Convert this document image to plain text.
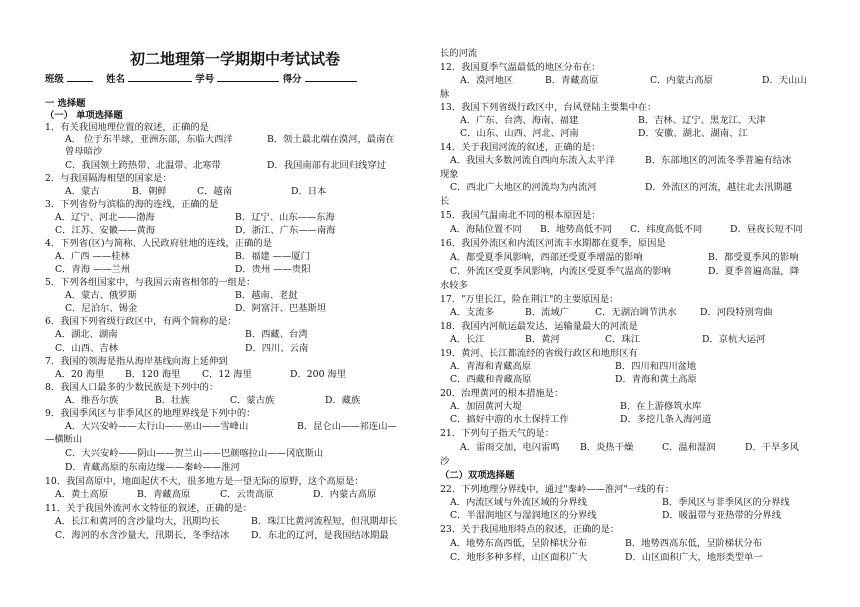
初二地理第一学期期中考试试卷
班级	姓名	学号	得分
一 选择题
（一） 单项选择题
1．有关我国地理位置的叙述，正确的是
A． 位于东半球，亚洲东部，东临大西洋	B．领土最北端在漠河，最南在
曾母暗沙
C．我国领土跨热带、北温带、北寒带	D．我国南部有北回归线穿过
2．与我国隔海相望的国家是：
A．蒙古	B．朝鲜	C．越南	D．日本
3．下列省份与滨临的海的连线，正确的是
A．辽宁、河北——渤海	B．辽宁、山东——东海
C．江苏、安徽——黄海	D．浙江、广东——南海
4．下列省(区)与简称、人民政府驻地的连线，正确的是
A．广西 ——桂林	B．福建 ——厦门
C．青海 ——兰州	D．贵州 ——贵阳
5．下列各组国家中，与我国云南省相邻的一组是：
A．蒙古、俄罗斯	B．越南、老挝
C．尼泊尔、锡金	D．阿富汗、巴基斯坦
6．我国下列省级行政区中，有两个简称的是：
A．湖北、湖南	B．西藏、台湾
C．山西、吉林	D．四川、云南
7．我国的领海是指从海岸基线向海上延伸到
A．20 海里 B．120 海里 C．12 海里	D．200 海里
8．我国人口最多的少数民族是下列中的：
A．维吾尔族	B．壮族	C．蒙古族	D．藏族
9．我国季风区与非季风区的地理界线是下列中的：
A．大兴安岭——太行山——巫山——雪峰山	B．昆仑山——祁连山—
—横断山
C．大兴安岭——阴山——贺兰山——巴颜喀拉山——冈底斯山
D．青藏高原的东南边缘——秦岭——淮河
10．我国高原中，地面起伏不大，很多地方是一望无际的原野，这个高原是：
A．黄土高原	B．青藏高原	C．云贵高原	D．内蒙古高原
11．关于我国外流河水文特征的叙述，正确的是：
A．长江和黄河的含沙量均大，汛期均长	B．珠江比黄河流程短，但汛期却长
C．海河的水含沙量大，汛期长，冬季结冰 D．东北的辽河，是我国结冰期最
长的河流
12．我国夏季气温最低的地区分布在：
A．漠河地区	B．青藏高原	C．内蒙古高原	D．天山山
脉
13．我国下列省级行政区中，台风登陆主要集中在：
A．广东、台湾、海南、福建	B．吉林、辽宁、黑龙江、天津
C．山东、山西、河北、河南	D．安徽、湖北、湖南、江
14．关于我国河流的叙述，正确的是：
A．我国大多数河流自西向东流入太平洋	B．东部地区的河流冬季普遍有结冰
现象
C．西北广大地区的河流均为内流河	D．外流区的河流，越往北去汛期越
长
15．我国气温南北不同的根本原因是：
A．海陆位置不同 B．地势高低不同 C．纬度高低不同	D．昼夜长短不同
16．我国外流区和内流区河流丰水期都在夏季，原因是
A．都受夏季风影响，西部还受夏季增温的影响	B．都受夏季风的影响
C．外流区受夏季风影响，内流区受夏季气温高的影响	D．夏季普遍高温，降
水较多
17．"万里长江，险在荆江"的主要原因是：
A．支流多	B．流域广	C．无湖泊调节洪水	D．河段特别弯曲
18．我国内河航运最发达，运输量最大的河流是
A．长江	B．黄河	C．珠江	D．京杭大运河
19．黄河、长江都流经的省级行政区和地形区有
A．青海和青藏高原	B．四川和四川盆地
C．西藏和青藏高原	D．青海和黄土高原
20．治理黄河的根本措施是：
A．加固黄河大堤	B．在上游修筑水库
C．搞好中游的水土保持工作	D．多挖几条入海河道
21．下列句子指天气的是：
A．雷雨交加，电闪雷鸣 B．炎热干燥	C．温和湿润	D．干旱多风
沙
（二）双项选择题
22．下列地理分界线中，通过"秦岭——淮河"一线的有：
A．内流区域与外流区域的分界线	B．季风区与非季风区的分界线
C．半湿润地区与湿润地区的分界线	D．暖温带与亚热带的分界线
23．关于我国地形特点的叙述，正确的是：
A．地势东高西低，呈阶梯状分布	B．地势西高东低，呈阶梯状分布
C．地形多种多样，山区面积广大	D．山区面积广大，地形类型单一
